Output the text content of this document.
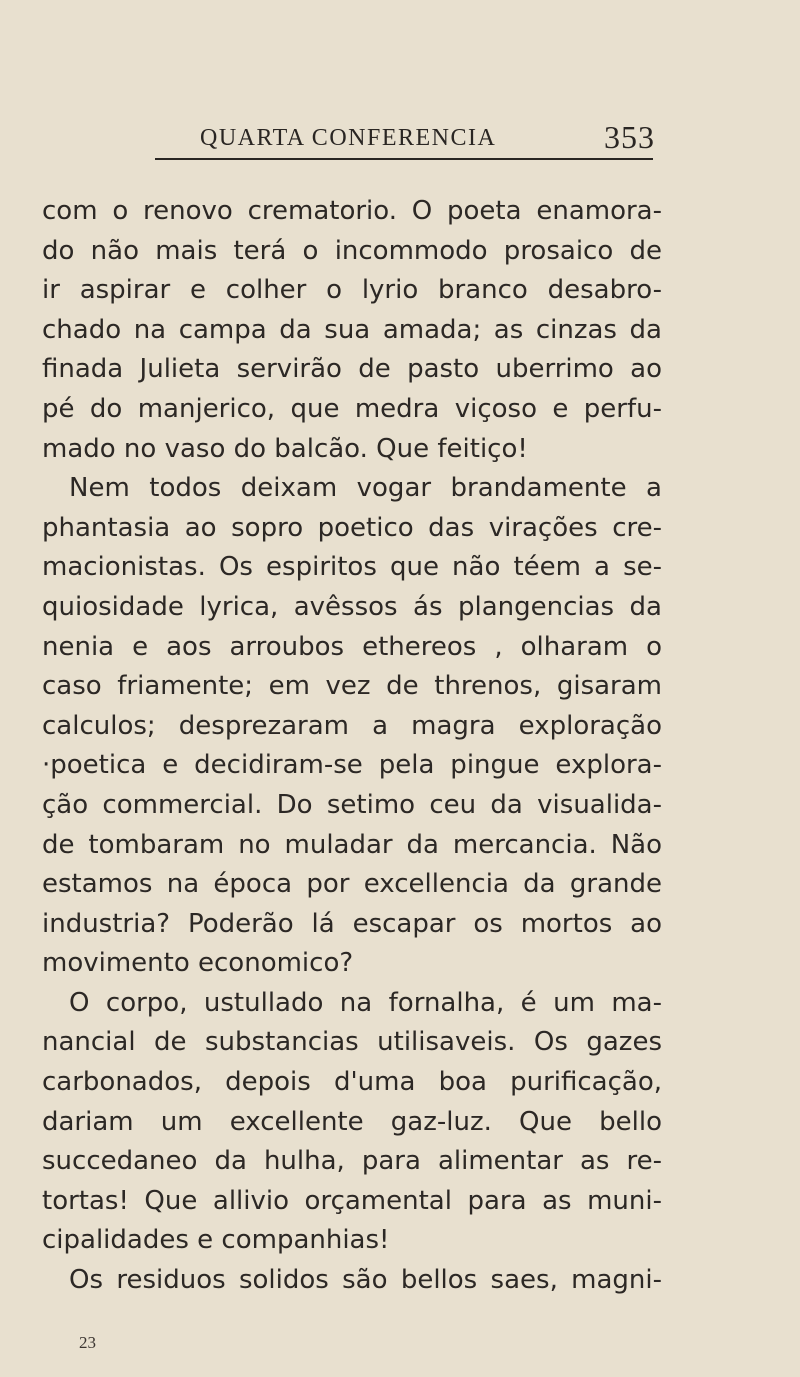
QUARTA CONFERENCIA	353
com o renovo crematorio. O poeta enamora-
do não mais terá o incommodo prosaico de
ir aspirar e colher o lyrio branco desabro-
chado na campa da sua amada; as cinzas da
finada Julieta servirão de pasto uberrimo ao
pé do manjerico, que medra viçoso e perfu-
mado no vaso do balcão. Que feitiço!
Nem todos deixam vogar brandamente a
phantasia ao sopro poetico das virações cre-
macionistas. Os espiritos que não téem a se-
quiosidade lyrica, avêssos ás plangencias da
nenia e aos arroubos ethereos , olharam o
caso friamente; em vez de threnos, gisaram
calculos; desprezaram a magra exploração
·poetica e decidiram-se pela pingue explora-
ção commercial. Do setimo ceu da visualida-
de tombaram no muladar da mercancia. Não
estamos na época por excellencia da grande
industria? Poderão lá escapar os mortos ao
movimento economico?
O corpo, ustullado na fornalha, é um ma-
nancial de substancias utilisaveis. Os gazes
carbonados, depois d'uma boa purificação,
dariam um excellente gaz-luz. Que bello
succedaneo da hulha, para alimentar as re-
tortas! Que allivio orçamental para as muni-
cipalidades e companhias!
Os residuos solidos são bellos saes, magni-
23
